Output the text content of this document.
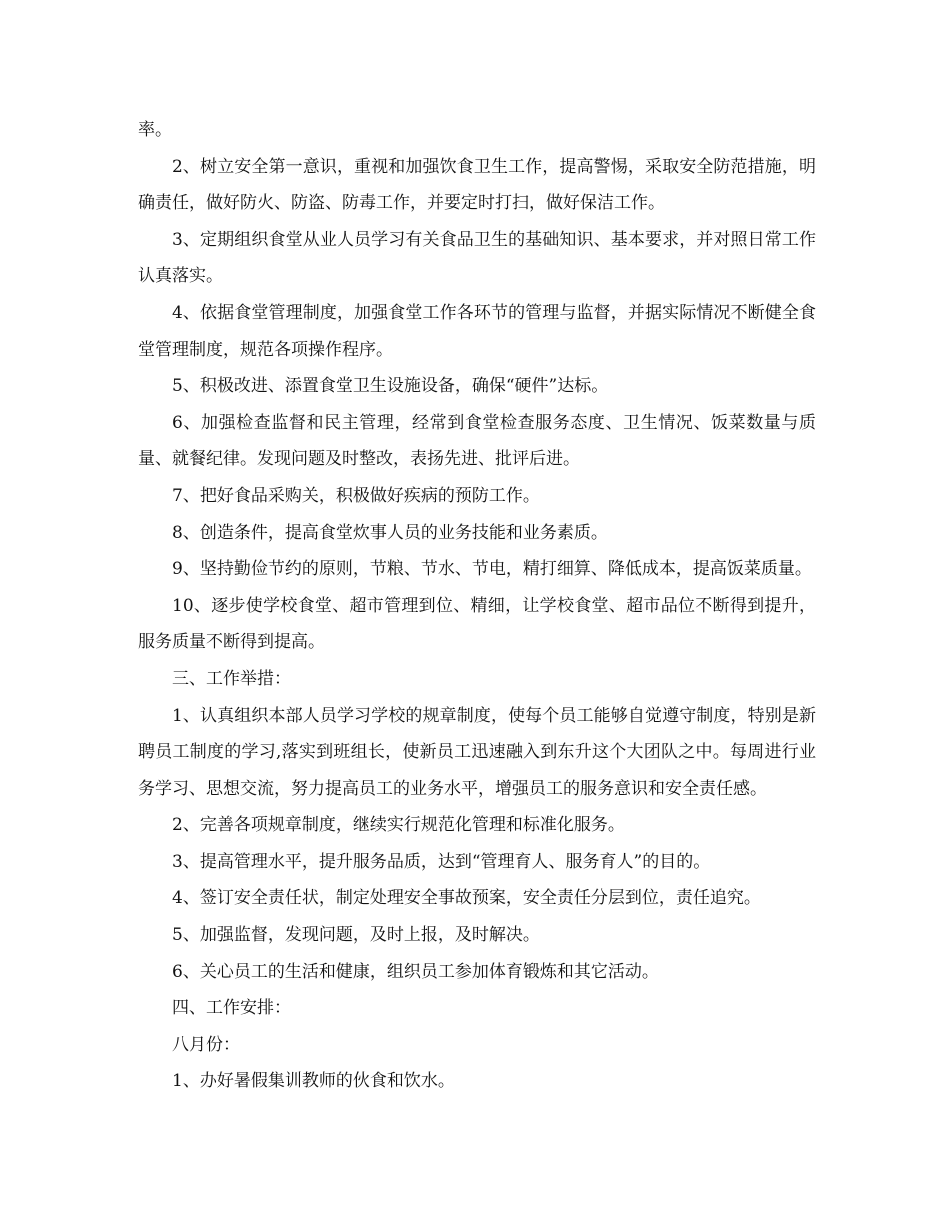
率。

2、树立安全第一意识，重视和加强饮食卫生工作，提高警惕，采取安全防范措施，明确责任，做好防火、防盗、防毒工作，并要定时打扫，做好保洁工作。

3、定期组织食堂从业人员学习有关食品卫生的基础知识、基本要求，并对照日常工作认真落实。

4、依据食堂管理制度，加强食堂工作各环节的管理与监督，并据实际情况不断健全食堂管理制度，规范各项操作程序。

5、积极改进、添置食堂卫生设施设备，确保“硬件”达标。

6、加强检查监督和民主管理，经常到食堂检查服务态度、卫生情况、饭菜数量与质量、就餐纪律。发现问题及时整改，表扬先进、批评后进。

7、把好食品采购关，积极做好疾病的预防工作。

8、创造条件，提高食堂炊事人员的业务技能和业务素质。

9、坚持勤俭节约的原则，节粮、节水、节电，精打细算、降低成本，提高饭菜质量。

10、逐步使学校食堂、超市管理到位、精细，让学校食堂、超市品位不断得到提升，服务质量不断得到提高。

三、工作举措：

1、认真组织本部人员学习学校的规章制度，使每个员工能够自觉遵守制度，特别是新聘员工制度的学习,落实到班组长，使新员工迅速融入到东升这个大团队之中。每周进行业务学习、思想交流，努力提高员工的业务水平，增强员工的服务意识和安全责任感。

2、完善各项规章制度，继续实行规范化管理和标准化服务。

3、提高管理水平，提升服务品质，达到“管理育人、服务育人”的目的。

4、签订安全责任状，制定处理安全事故预案，安全责任分层到位，责任追究。

5、加强监督，发现问题，及时上报，及时解决。

6、关心员工的生活和健康，组织员工参加体育锻炼和其它活动。

四、工作安排：

八月份：

1、办好暑假集训教师的伙食和饮水。
